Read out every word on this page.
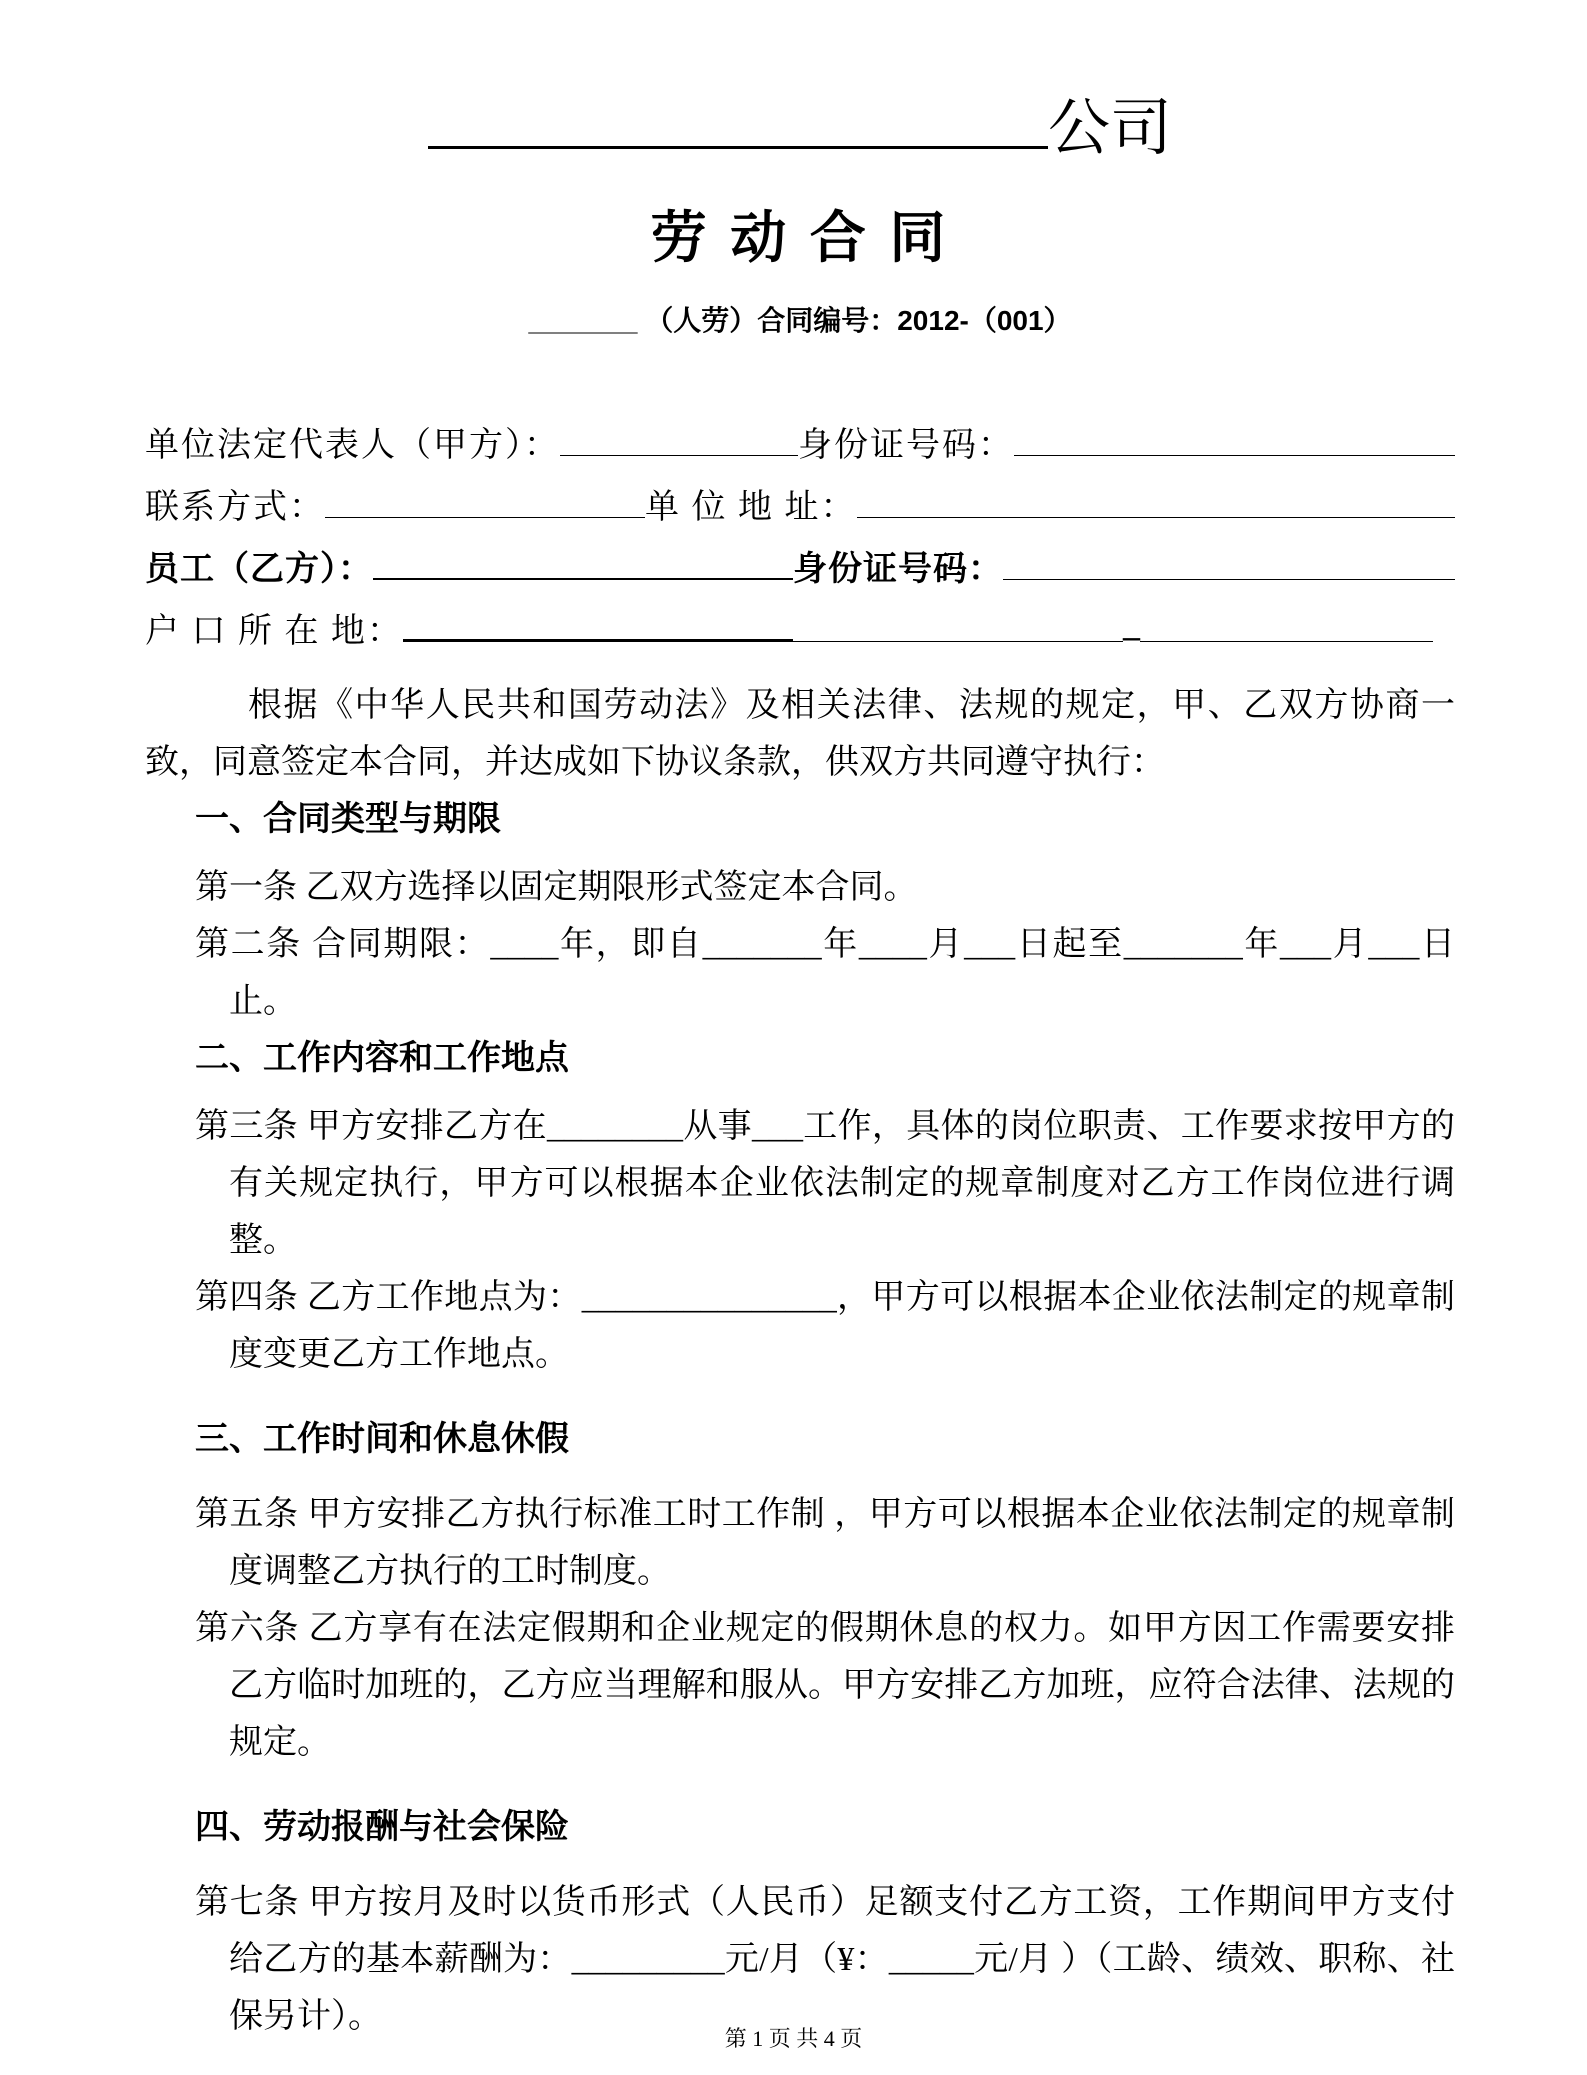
公司
劳 动 合 同
_______ （人劳）合同编号：2012-（001）
单位法定代表人（甲方）：	身份证号码：
联系方式：	单 位 地 址：
员工（乙方）：	身份证号码：
户 口 所 在 地：	_

根据《中华人民共和国劳动法》及相关法律、法规的规定，甲、乙双方协商一致，同意签定本合同，并达成如下协议条款，供双方共同遵守执行：

一、合同类型与期限

第一条 乙双方选择以固定期限形式签定本合同。

第二条 合同期限：____年，即自_______年____月___日起至_______年___月___日止。

二、工作内容和工作地点

第三条 甲方安排乙方在________从事___工作，具体的岗位职责、工作要求按甲方的有关规定执行，甲方可以根据本企业依法制定的规章制度对乙方工作岗位进行调整。

第四条 乙方工作地点为：_______________，甲方可以根据本企业依法制定的规章制度变更乙方工作地点。

三、工作时间和休息休假

第五条 甲方安排乙方执行标准工时工作制 ，甲方可以根据本企业依法制定的规章制度调整乙方执行的工时制度。

第六条 乙方享有在法定假期和企业规定的假期休息的权力。如甲方因工作需要安排乙方临时加班的，乙方应当理解和服从。甲方安排乙方加班，应符合法律、法规的规定。

四、劳动报酬与社会保险

第七条 甲方按月及时以货币形式（人民币）足额支付乙方工资，工作期间甲方支付给乙方的基本薪酬为：_________元/月（¥：_____元/月 ）（工龄、绩效、职称、社保另计）。

第 1 页 共 4 页
